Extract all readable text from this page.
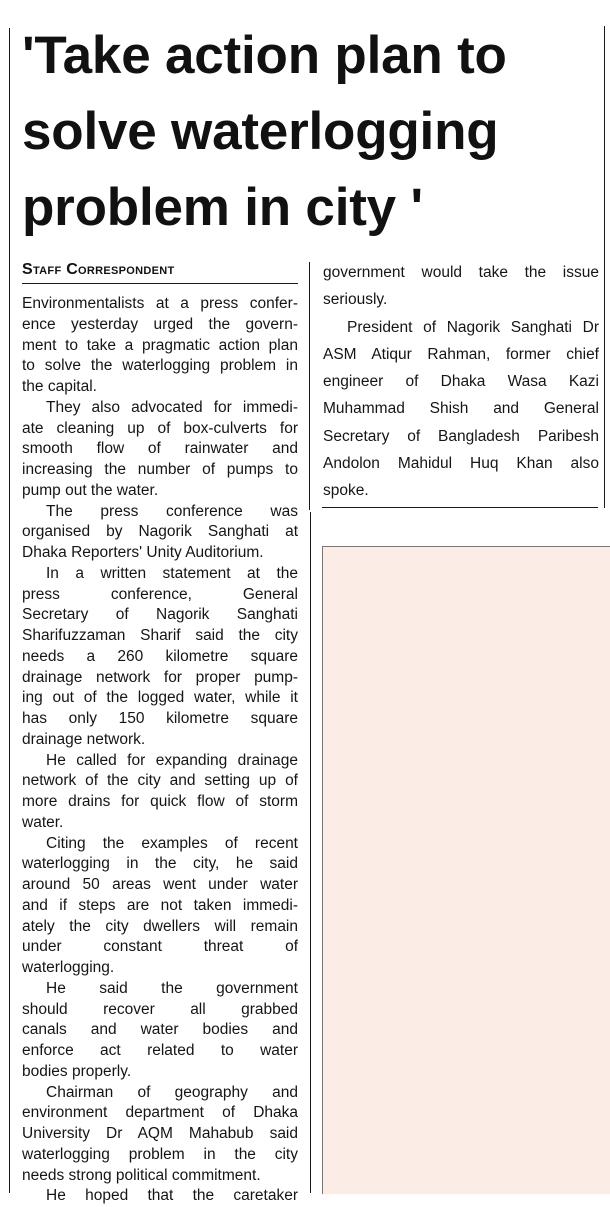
'Take action plan to
solve waterlogging
problem in city '
Staff Correspondent
Environmentalists at a press confer-
ence yesterday urged the govern-
ment to take a pragmatic action plan
to solve the waterlogging problem in
the capital.
They also advocated for immedi-
ate cleaning up of box-culverts for
smooth flow of rainwater and
increasing the number of pumps to
pump out the water.
The press conference was
organised by Nagorik Sanghati at
Dhaka Reporters' Unity Auditorium.
In a written statement at the
press conference, General
Secretary of Nagorik Sanghati
Sharifuzzaman Sharif said the city
needs a 260 kilometre square
drainage network for proper pump-
ing out of the logged water, while it
has only 150 kilometre square
drainage network.
He called for expanding drainage
network of the city and setting up of
more drains for quick flow of storm
water.
Citing the examples of recent
waterlogging in the city, he said
around 50 areas went under water
and if steps are not taken immedi-
ately the city dwellers will remain
under constant threat of
waterlogging.
He said the government
should recover all grabbed
canals and water bodies and
enforce act related to water
bodies properly.
Chairman of geography and
environment department of Dhaka
University Dr AQM Mahabub said
waterlogging problem in the city
needs strong political commitment.
He hoped that the caretaker
government would take the issue
seriously.
President of Nagorik Sanghati Dr
ASM Atiqur Rahman, former chief
engineer of Dhaka Wasa Kazi
Muhammad Shish and General
Secretary of Bangladesh Paribesh
Andolon Mahidul Huq Khan also
spoke.
